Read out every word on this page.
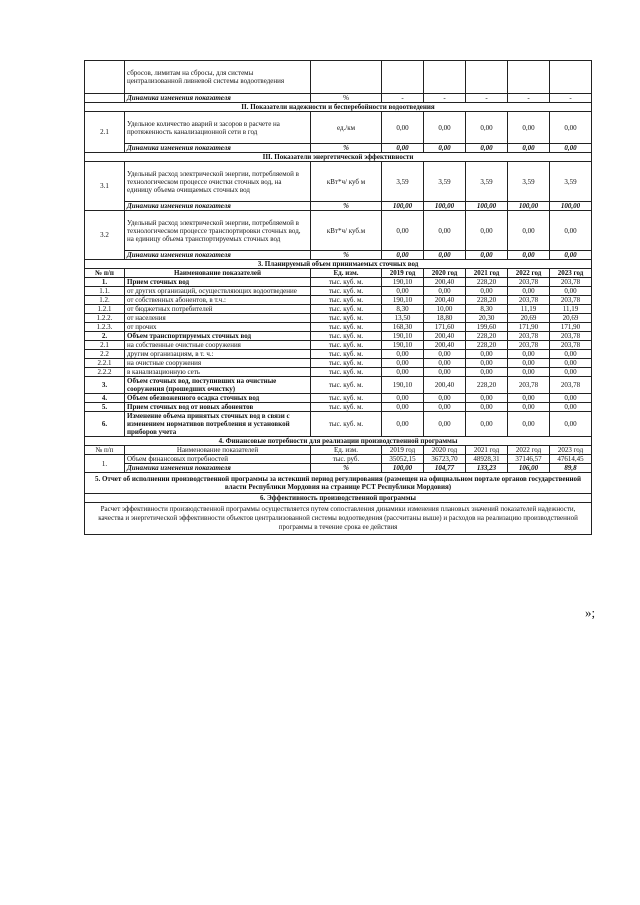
	сбросов, лимитам на сбросы, для системы централизованной ливневой системы водоотведения						
	Динамика изменения показателя	%	-	-	-	-	-
II. Показатели надежности и бесперебойности водоотведения							
2.1	Удельное количество аварий и засоров в расчете на протяженность канализационной сети в год	ед./км	0,00	0,00	0,00	0,00	0,00
	Динамика изменения показателя	%	0,00	0,00	0,00	0,00	0,00
III. Показатели энергетической эффективности							
3.1	Удельный расход электрической энергии, потребляемой в технологическом процессе очистки сточных вод, на единицу объема очищаемых сточных вод	кВт*ч/ куб м	3,59	3,59	3,59	3,59	3,59
	Динамика изменения показателя	%	100,00	100,00	100,00	100,00	100,00
3.2	Удельный расход электрической энергии, потребляемой в технологическом процессе транспортировки сточных вод, на единицу объема транспортируемых сточных вод	кВт*ч/ куб.м	0,00	0,00	0,00	0,00	0,00
	Динамика изменения показателя	%	0,00	0,00	0,00	0,00	0,00
3. Планируемый объем принимаемых сточных вод							
№ п/п	Наименование показателей	Ед. изм.	2019 год	2020 год	2021 год	2022 год	2023 год
1.	Прием сточных вод	тыс. куб. м.	190,10	200,40	228,20	203,78	203,78
1.1.	от других организаций, осуществляющих водоотведение	тыс. куб. м.	0,00	0,00	0,00	0,00	0,00
1.2.	от собственных абонентов, в т.ч.:	тыс. куб. м.	190,10	200,40	228,20	203,78	203,78
1.2.1	от бюджетных потребителей	тыс. куб. м.	8,30	10,00	8,30	11,19	11,19
1.2.2.	от населения	тыс. куб. м.	13,50	18,80	20,30	20,69	20,69
1.2.3.	от прочих	тыс. куб. м.	168,30	171,60	199,60	171,90	171,90
2.	Объем транспортируемых сточных вод	тыс. куб. м.	190,10	200,40	228,20	203,78	203,78
2.1	на собственные очистные сооружения	тыс. куб. м.	190,10	200,40	228,20	203,78	203,78
2.2	другим организациям, в т. ч.:	тыс. куб. м.	0,00	0,00	0,00	0,00	0,00
2.2.1	на очистные сооружения	тыс. куб. м.	0,00	0,00	0,00	0,00	0,00
2.2.2	в канализационную сеть	тыс. куб. м.	0,00	0,00	0,00	0,00	0,00
3.	Объем сточных вод, поступивших на очистные сооружения (прошедших очистку)	тыс. куб. м.	190,10	200,40	228,20	203,78	203,78
4.	Объем обезвоженного осадка сточных вод	тыс. куб. м.	0,00	0,00	0,00	0,00	0,00
5.	Прием сточных вод от новых абонентов	тыс. куб. м.	0,00	0,00	0,00	0,00	0,00
6.	Изменение объема принятых сточных вод в связи с изменением нормативов потребления и установкой приборов учета	тыс. куб. м.	0,00	0,00	0,00	0,00	0,00
4. Финансовые потребности для реализации производственной программы							
№ п/п	Наименование показателей	Ед. изм.	2019 год	2020 год	2021 год	2022 год	2023 год
1.	Объем финансовых потребностей	тыс. руб.	35052,15	36723,70	48928,31	37146,57	47614,45
	Динамика изменения показателя	%	100,00	104,77	133,23	106,00	89,8
5. Отчет об исполнении производственной программы за истекший период регулирования (размещен на официальном портале органов государственной власти Республики Мордовия на странице РСТ Республики Мордовия)							
6. Эффективность производственной программы							
Расчет эффективности производственной программы осуществляется путем сопоставления динамики изменения плановых значений показателей надежности, качества и энергетической эффективности объектов централизованной системы водоотведения (рассчитаны выше) и расходов на реализацию производственной программы в течение срока ее действия							
»;
